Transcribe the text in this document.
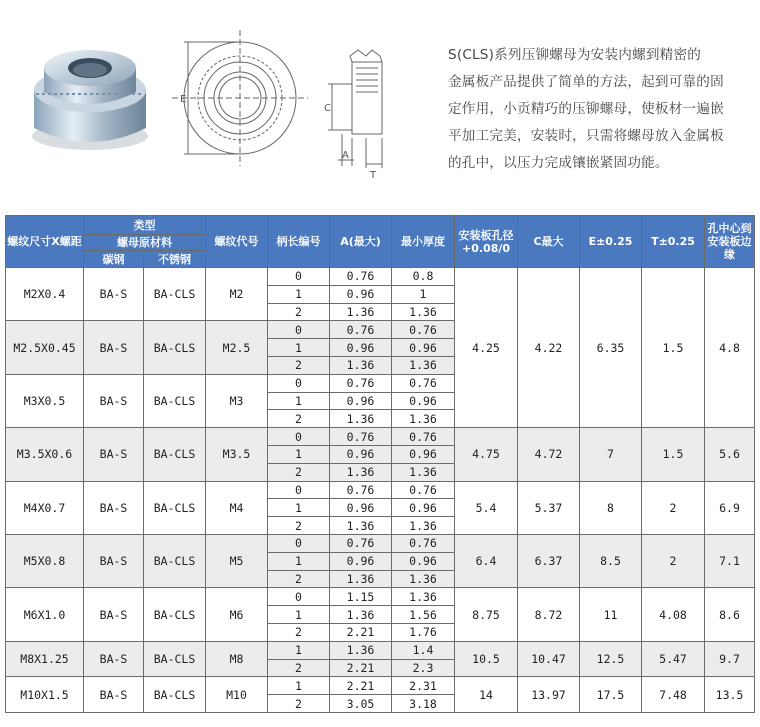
E
C
A
T

S(CLS)系列压铆螺母为安装内螺到精密的

金属板产品提供了简单的方法，起到可靠的固

定作用，小贡精巧的压铆螺母，使板材一遍嵌

平加工完美，安装时，只需将螺母放入金属板

的孔中，以压力完成镶嵌紧固功能。

螺纹尺寸X螺距	类型		螺纹代号	柄长编号	A(最大)	最小厚度	安装板孔径+0.08/0	C最大	E±0.25	T±0.25	孔中心到安装板边缘
	螺母原材料										
	碳钢	不锈钢									
M2X0.4	BA-S	BA-CLS	M2	0	0.76	0.8	4.25	4.22	6.35	1.5	4.8
				1	0.96	1					
				2	1.36	1.36					
M2.5X0.45	BA-S	BA-CLS	M2.5	0	0.76	0.76					
				1	0.96	0.96					
				2	1.36	1.36					
M3X0.5	BA-S	BA-CLS	M3	0	0.76	0.76					
				1	0.96	0.96					
				2	1.36	1.36					
M3.5X0.6	BA-S	BA-CLS	M3.5	0	0.76	0.76	4.75	4.72	7	1.5	5.6
				1	0.96	0.96					
				2	1.36	1.36					
M4X0.7	BA-S	BA-CLS	M4	0	0.76	0.76	5.4	5.37	8	2	6.9
				1	0.96	0.96					
				2	1.36	1.36					
M5X0.8	BA-S	BA-CLS	M5	0	0.76	0.76	6.4	6.37	8.5	2	7.1
				1	0.96	0.96					
				2	1.36	1.36					
M6X1.0	BA-S	BA-CLS	M6	0	1.15	1.36	8.75	8.72	11	4.08	8.6
				1	1.36	1.56					
				2	2.21	1.76					
M8X1.25	BA-S	BA-CLS	M8	1	1.36	1.4	10.5	10.47	12.5	5.47	9.7
				2	2.21	2.3					
M10X1.5	BA-S	BA-CLS	M10	1	2.21	2.31	14	13.97	17.5	7.48	13.5
				2	3.05	3.18					
